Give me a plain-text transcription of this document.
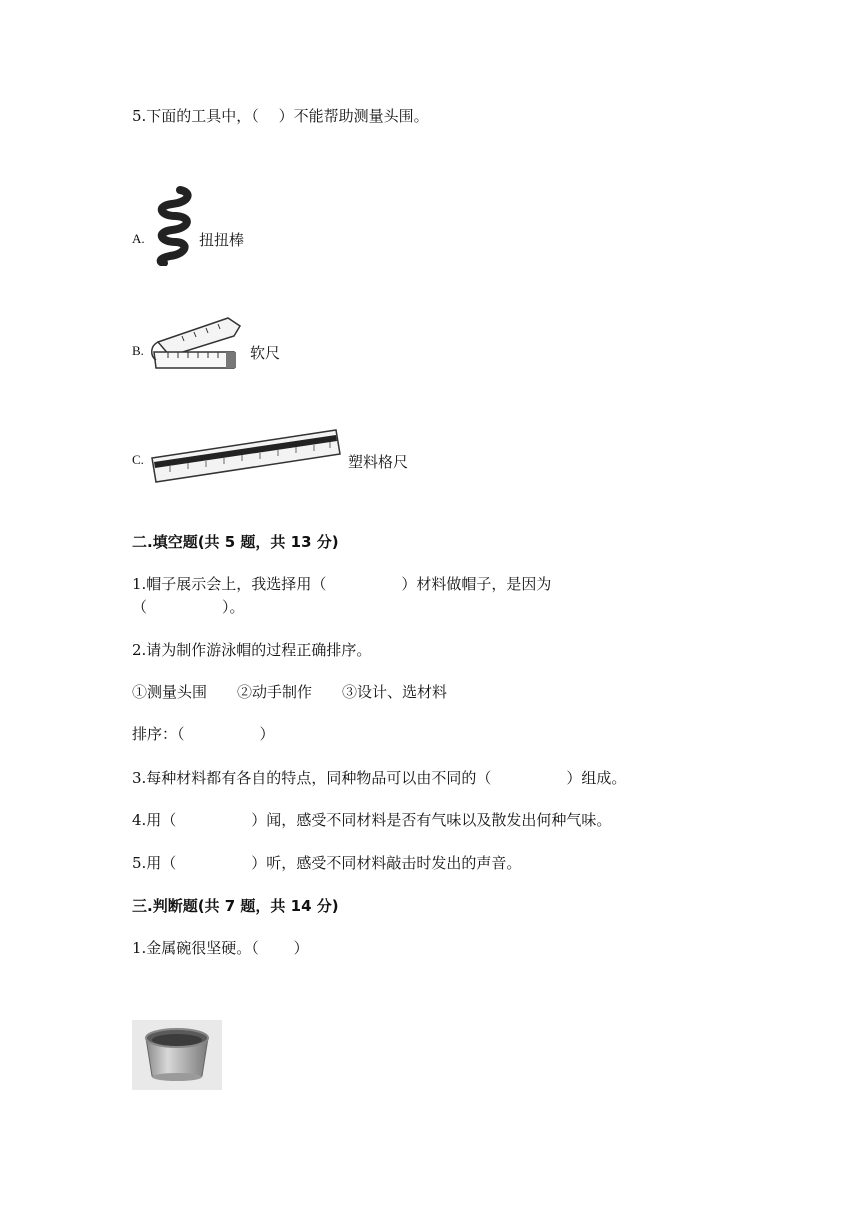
5.下面的工具中，（　 ）不能帮助测量头围。
A.	扭扭棒
B.	软尺
C.	塑料格尺
二.填空题(共 5 题，共 13 分)
1.帽子展示会上，我选择用（　　　　　）材料做帽子，是因为
（　　　　　）。
2.请为制作游泳帽的过程正确排序。
①测量头围　　②动手制作　　③设计、选材料
排序：（　　　　　）
3.每种材料都有各自的特点，同种物品可以由不同的（　　　　　）组成。
4.用（　　　　　）闻，感受不同材料是否有气味以及散发出何种气味。
5.用（　　　　　）听，感受不同材料敲击时发出的声音。
三.判断题(共 7 题，共 14 分)
1.金属碗很坚硬。（　　 ）
